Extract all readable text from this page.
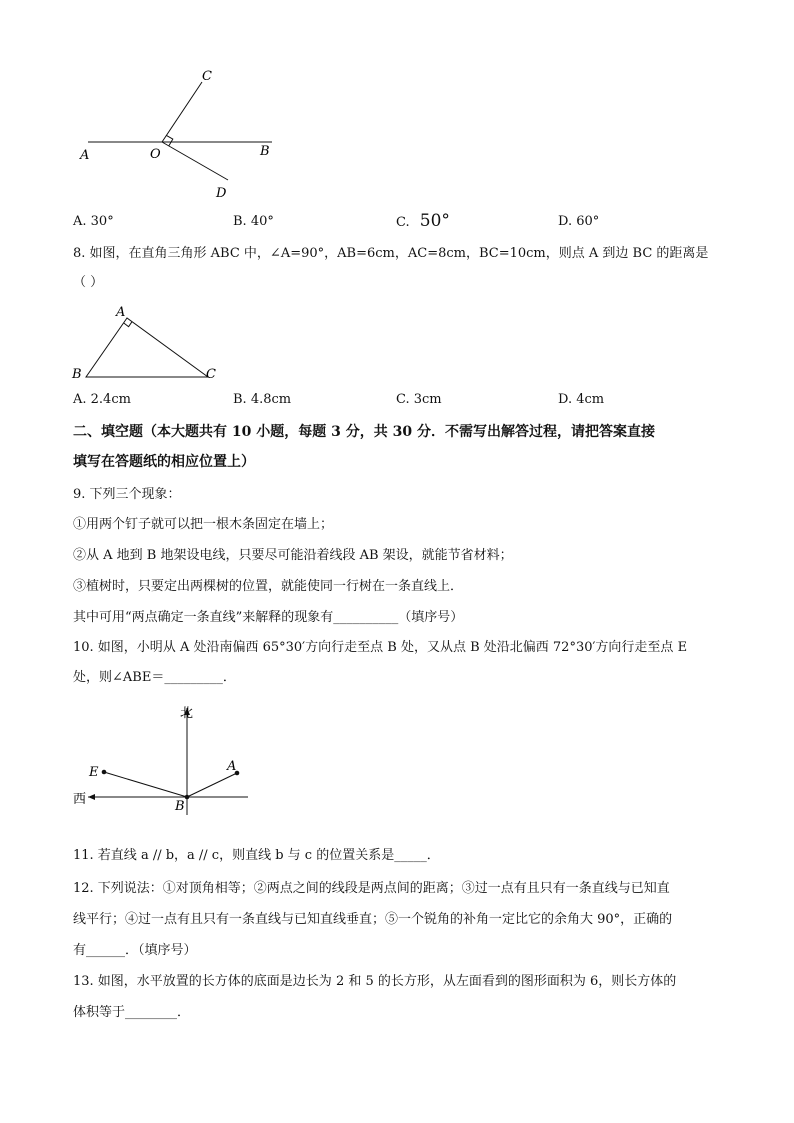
A	O	B
C
D
A. 30°	B. 40°	C. 50°	D. 60°
8. 如图，在直角三角形 ABC 中，∠A=90°，AB=6cm，AC=8cm，BC=10cm，则点 A 到边 BC 的距离是
（ ）
A
B	C
A. 2.4cm	B. 4.8cm	C. 3cm	D. 4cm
二、填空题（本大题共有 10 小题，每题 3 分，共 30 分．不需写出解答过程，请把答案直接
填写在答题纸的相应位置上）
9. 下列三个现象：
①用两个钉子就可以把一根木条固定在墙上；
②从 A 地到 B 地架设电线，只要尽可能沿着线段 AB 架设，就能节省材料；
③植树时，只要定出两棵树的位置，就能使同一行树在一条直线上．
其中可用“两点确定一条直线”来解释的现象有__________（填序号）
10. 如图，小明从 A 处沿南偏西 65°30′方向行走至点 B 处，又从点 B 处沿北偏西 72°30′方向行走至点 E
处，则∠ABE＝_________．
北
西
E	A
B
11. 若直线 a // b，a // c，则直线 b 与 c 的位置关系是_____．
12. 下列说法：①对顶角相等；②两点之间的线段是两点间的距离；③过一点有且只有一条直线与已知直
线平行；④过一点有且只有一条直线与已知直线垂直；⑤一个锐角的补角一定比它的余角大 90°，正确的
有______．（填序号）
13. 如图，水平放置的长方体的底面是边长为 2 和 5 的长方形，从左面看到的图形面积为 6，则长方体的
体积等于________．
